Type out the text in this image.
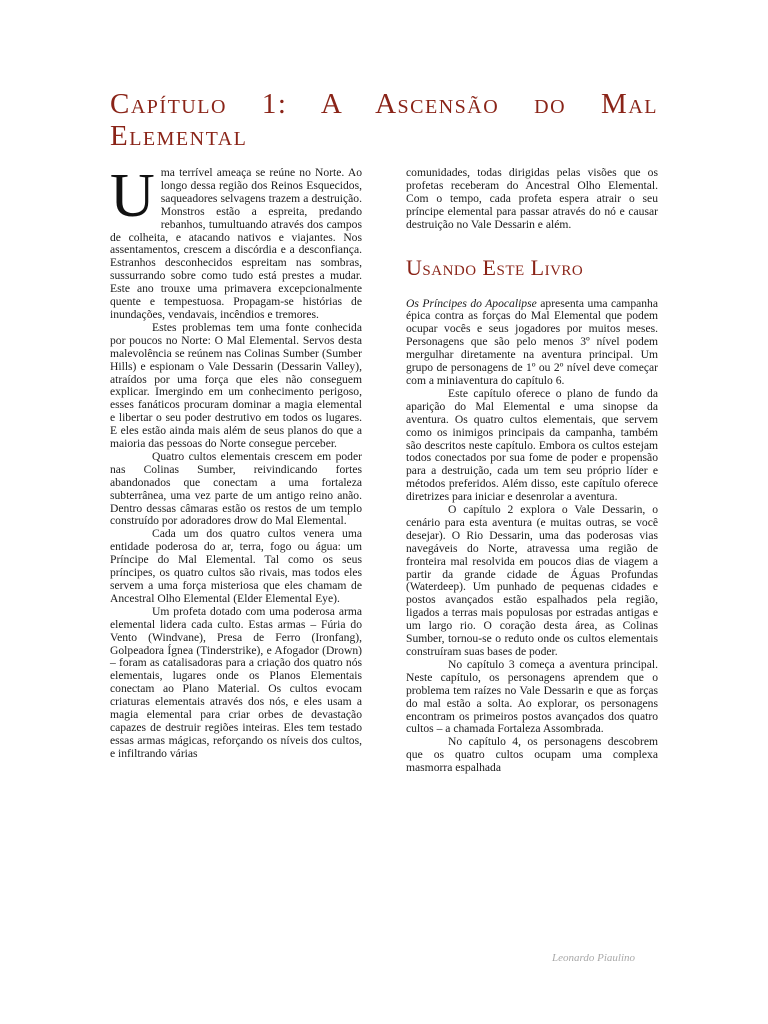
Capítulo 1: A Ascensão do Mal Elemental

Uma terrível ameaça se reúne no Norte. Ao longo dessa região dos Reinos Esquecidos, saqueadores selvagens trazem a destruição. Monstros estão a espreita, predando rebanhos, tumultuando através dos campos de colheita, e atacando nativos e viajantes. Nos assentamentos, crescem a discórdia e a desconfiança. Estranhos desconhecidos espreitam nas sombras, sussurrando sobre como tudo está prestes a mudar. Este ano trouxe uma primavera excepcionalmente quente e tempestuosa. Propagam-se histórias de inundações, vendavais, incêndios e tremores.

Estes problemas tem uma fonte conhecida por poucos no Norte: O Mal Elemental. Servos desta malevolência se reúnem nas Colinas Sumber (Sumber Hills) e espionam o Vale Dessarin (Dessarin Valley), atraídos por uma força que eles não conseguem explicar. Imergindo em um conhecimento perigoso, esses fanáticos procuram dominar a magia elemental e libertar o seu poder destrutivo em todos os lugares. E eles estão ainda mais além de seus planos do que a maioria das pessoas do Norte consegue perceber.

Quatro cultos elementais crescem em poder nas Colinas Sumber, reivindicando fortes abandonados que conectam a uma fortaleza subterrânea, uma vez parte de um antigo reino anão. Dentro dessas câmaras estão os restos de um templo construído por adoradores drow do Mal Elemental.

Cada um dos quatro cultos venera uma entidade poderosa do ar, terra, fogo ou água: um Príncipe do Mal Elemental. Tal como os seus príncipes, os quatro cultos são rivais, mas todos eles servem a uma força misteriosa que eles chamam de Ancestral Olho Elemental (Elder Elemental Eye).

Um profeta dotado com uma poderosa arma elemental lidera cada culto. Estas armas – Fúria do Vento (Windvane), Presa de Ferro (Ironfang), Golpeadora Ígnea (Tinderstrike), e Afogador (Drown) – foram as catalisadoras para a criação dos quatro nós elementais, lugares onde os Planos Elementais conectam ao Plano Material. Os cultos evocam criaturas elementais através dos nós, e eles usam a magia elemental para criar orbes de devastação capazes de destruir regiões inteiras. Eles tem testado essas armas mágicas, reforçando os níveis dos cultos, e infiltrando várias

comunidades, todas dirigidas pelas visões que os profetas receberam do Ancestral Olho Elemental. Com o tempo, cada profeta espera atrair o seu príncipe elemental para passar através do nó e causar destruição no Vale Dessarin e além.

Usando Este Livro

Os Príncipes do Apocalipse apresenta uma campanha épica contra as forças do Mal Elemental que podem ocupar vocês e seus jogadores por muitos meses. Personagens que são pelo menos 3º nível podem mergulhar diretamente na aventura principal. Um grupo de personagens de 1º ou 2º nível deve começar com a miniaventura do capítulo 6.

Este capítulo oferece o plano de fundo da aparição do Mal Elemental e uma sinopse da aventura. Os quatro cultos elementais, que servem como os inimigos principais da campanha, também são descritos neste capítulo. Embora os cultos estejam todos conectados por sua fome de poder e propensão para a destruição, cada um tem seu próprio líder e métodos preferidos. Além disso, este capítulo oferece diretrizes para iniciar e desenrolar a aventura.

O capítulo 2 explora o Vale Dessarin, o cenário para esta aventura (e muitas outras, se você desejar). O Rio Dessarin, uma das poderosas vias navegáveis do Norte, atravessa uma região de fronteira mal resolvida em poucos dias de viagem a partir da grande cidade de Águas Profundas (Waterdeep). Um punhado de pequenas cidades e postos avançados estão espalhados pela região, ligados a terras mais populosas por estradas antigas e um largo rio. O coração desta área, as Colinas Sumber, tornou-se o reduto onde os cultos elementais construíram suas bases de poder.

No capítulo 3 começa a aventura principal. Neste capítulo, os personagens aprendem que o problema tem raízes no Vale Dessarin e que as forças do mal estão a solta. Ao explorar, os personagens encontram os primeiros postos avançados dos quatro cultos – a chamada Fortaleza Assombrada.

No capítulo 4, os personagens descobrem que os quatro cultos ocupam uma complexa masmorra espalhada

Leonardo Piaulino
